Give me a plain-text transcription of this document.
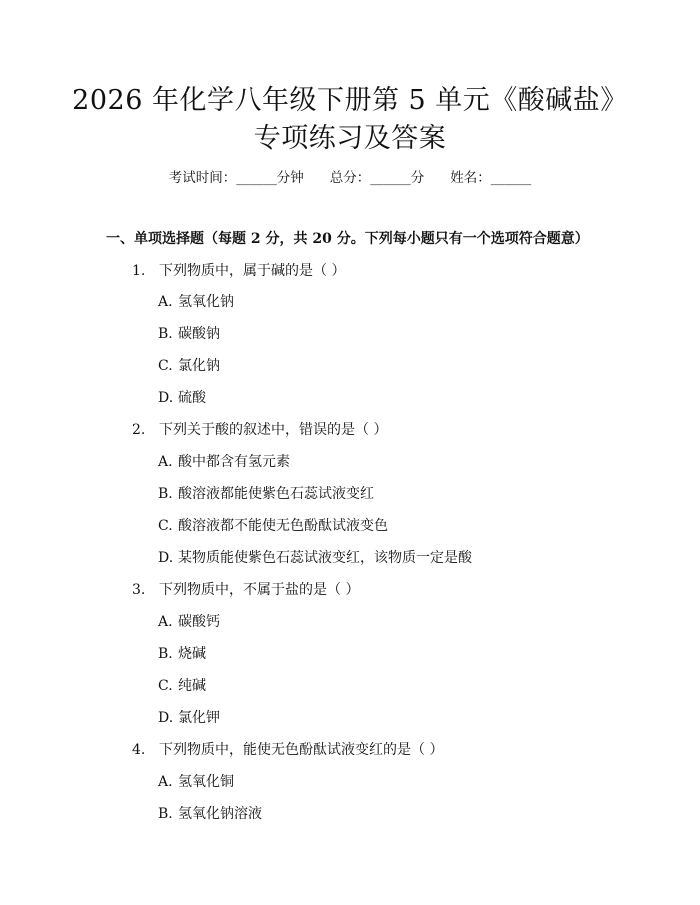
2026 年化学八年级下册第 5 单元《酸碱盐》
专项练习及答案
考试时间：______分钟 总分：______分 姓名：______
一、单项选择题（每题 2 分，共 20 分。下列每小题只有一个选项符合题意）
1. 下列物质中，属于碱的是（ ）
A. 氢氧化钠
B. 碳酸钠
C. 氯化钠
D. 硫酸
2. 下列关于酸的叙述中，错误的是（ ）
A. 酸中都含有氢元素
B. 酸溶液都能使紫色石蕊试液变红
C. 酸溶液都不能使无色酚酞试液变色
D. 某物质能使紫色石蕊试液变红，该物质一定是酸
3. 下列物质中，不属于盐的是（ ）
A. 碳酸钙
B. 烧碱
C. 纯碱
D. 氯化钾
4. 下列物质中，能使无色酚酞试液变红的是（ ）
A. 氢氧化铜
B. 氢氧化钠溶液
